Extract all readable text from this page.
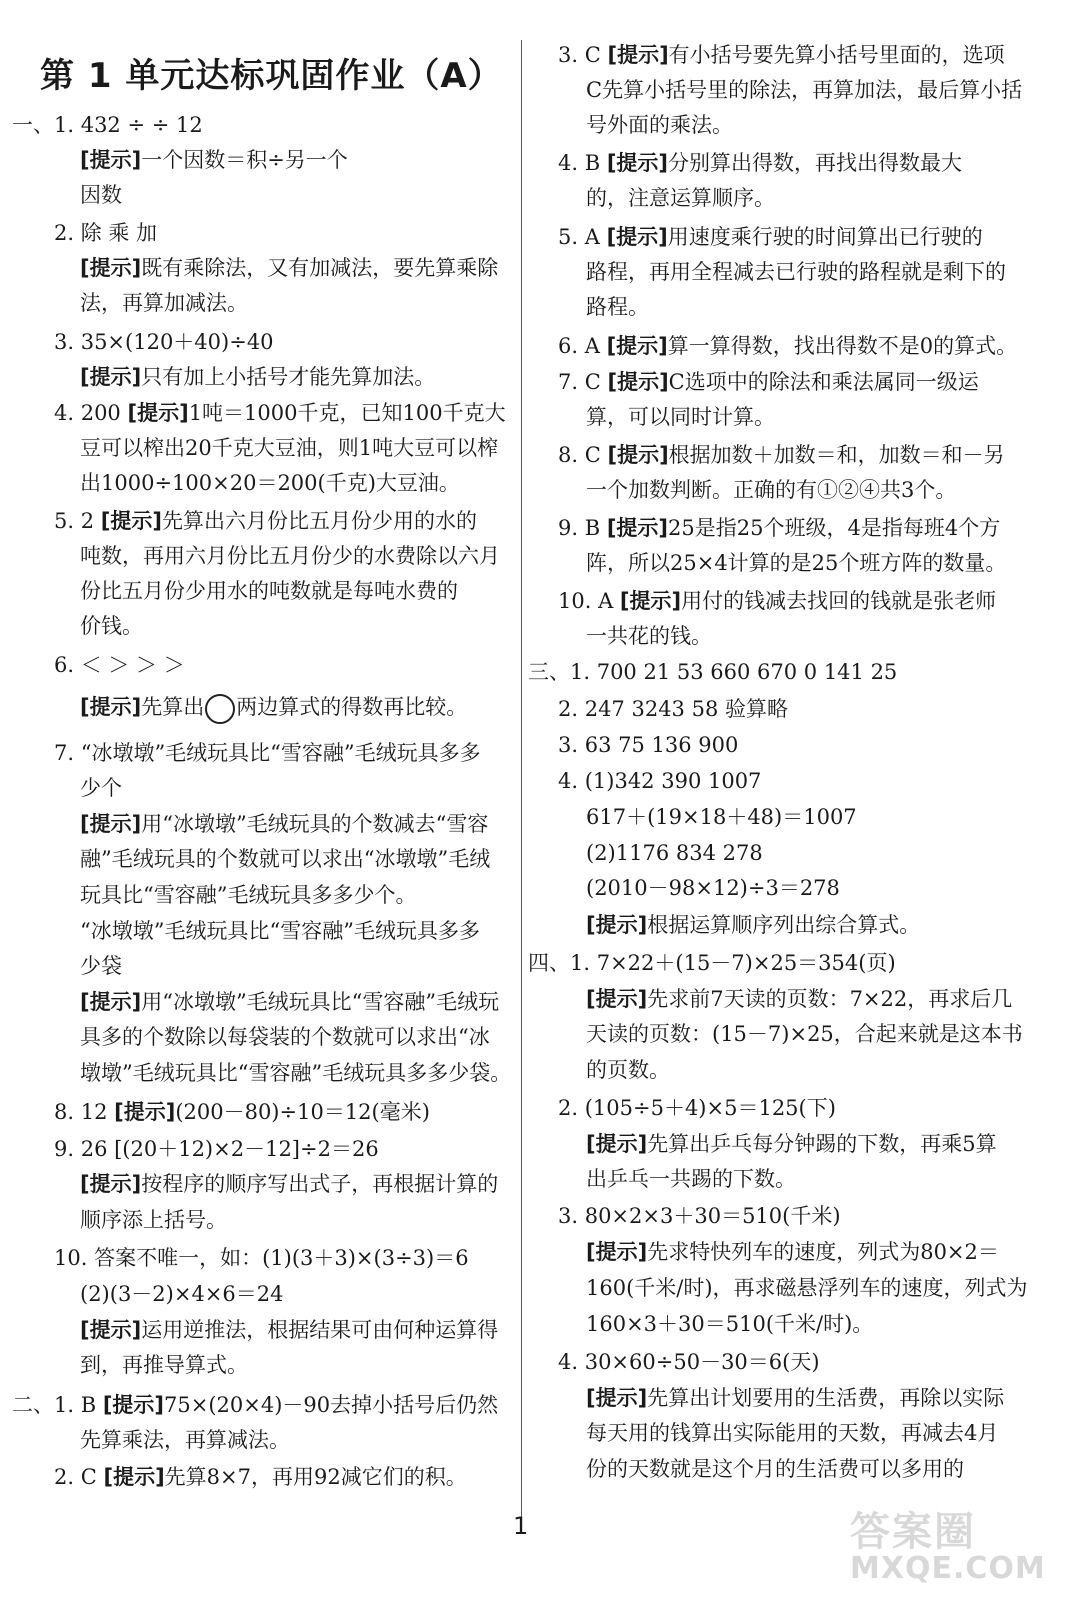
第 1 单元达标巩固作业（A）
一、1. 432 ÷ ÷ 12
[提示]一个因数＝积÷另一个
因数
2. 除 乘 加
[提示]既有乘除法，又有加减法，要先算乘除
法，再算加减法。
3. 35×(120＋40)÷40
[提示]只有加上小括号才能先算加法。
4. 200 [提示]1吨＝1000千克，已知100千克大
豆可以榨出20千克大豆油，则1吨大豆可以榨
出1000÷100×20＝200(千克)大豆油。
5. 2 [提示]先算出六月份比五月份少用的水的
吨数，再用六月份比五月份少的水费除以六月
份比五月份少用水的吨数就是每吨水费的
价钱。
6. ＜ ＞ ＞ ＞
[提示]先算出 两边算式的得数再比较。
7. “冰墩墩”毛绒玩具比“雪容融”毛绒玩具多多
少个
[提示]用“冰墩墩”毛绒玩具的个数减去“雪容
融”毛绒玩具的个数就可以求出“冰墩墩”毛绒
玩具比“雪容融”毛绒玩具多多少个。
“冰墩墩”毛绒玩具比“雪容融”毛绒玩具多多
少袋
[提示]用“冰墩墩”毛绒玩具比“雪容融”毛绒玩
具多的个数除以每袋装的个数就可以求出“冰
墩墩”毛绒玩具比“雪容融”毛绒玩具多多少袋。
8. 12 [提示](200－80)÷10＝12(毫米)
9. 26 [(20＋12)×2－12]÷2＝26
[提示]按程序的顺序写出式子，再根据计算的
顺序添上括号。
10. 答案不唯一，如：(1)(3＋3)×(3÷3)＝6
(2)(3－2)×4×6＝24
[提示]运用逆推法，根据结果可由何种运算得
到，再推导算式。
二、1. B [提示]75×(20×4)－90去掉小括号后仍然
先算乘法，再算减法。
2. C [提示]先算8×7，再用92减它们的积。
3. C [提示]有小括号要先算小括号里面的，选项
C先算小括号里的除法，再算加法，最后算小括
号外面的乘法。
4. B [提示]分别算出得数，再找出得数最大
的，注意运算顺序。
5. A [提示]用速度乘行驶的时间算出已行驶的
路程，再用全程减去已行驶的路程就是剩下的
路程。
6. A [提示]算一算得数，找出得数不是0的算式。
7. C [提示]C选项中的除法和乘法属同一级运
算，可以同时计算。
8. C [提示]根据加数＋加数＝和，加数＝和－另
一个加数判断。正确的有①②④共3个。
9. B [提示]25是指25个班级，4是指每班4个方
阵，所以25×4计算的是25个班方阵的数量。
10. A [提示]用付的钱减去找回的钱就是张老师
一共花的钱。
三、1. 700 21 53 660 670 0 141 25
2. 247 3243 58 验算略
3. 63 75 136 900
4. (1)342 390 1007
617＋(19×18＋48)＝1007
(2)1176 834 278
(2010－98×12)÷3＝278
[提示]根据运算顺序列出综合算式。
四、1. 7×22＋(15－7)×25＝354(页)
[提示]先求前7天读的页数：7×22，再求后几
天读的页数：(15－7)×25，合起来就是这本书
的页数。
2. (105÷5＋4)×5＝125(下)
[提示]先算出乒乓每分钟踢的下数，再乘5算
出乒乓一共踢的下数。
3. 80×2×3＋30＝510(千米)
[提示]先求特快列车的速度，列式为80×2＝
160(千米/时)，再求磁悬浮列车的速度，列式为
160×3＋30＝510(千米/时)。
4. 30×60÷50－30＝6(天)
[提示]先算出计划要用的生活费，再除以实际
每天用的钱算出实际能用的天数，再减去4月
份的天数就是这个月的生活费可以多用的
1	答案圈
MXQE.COM
